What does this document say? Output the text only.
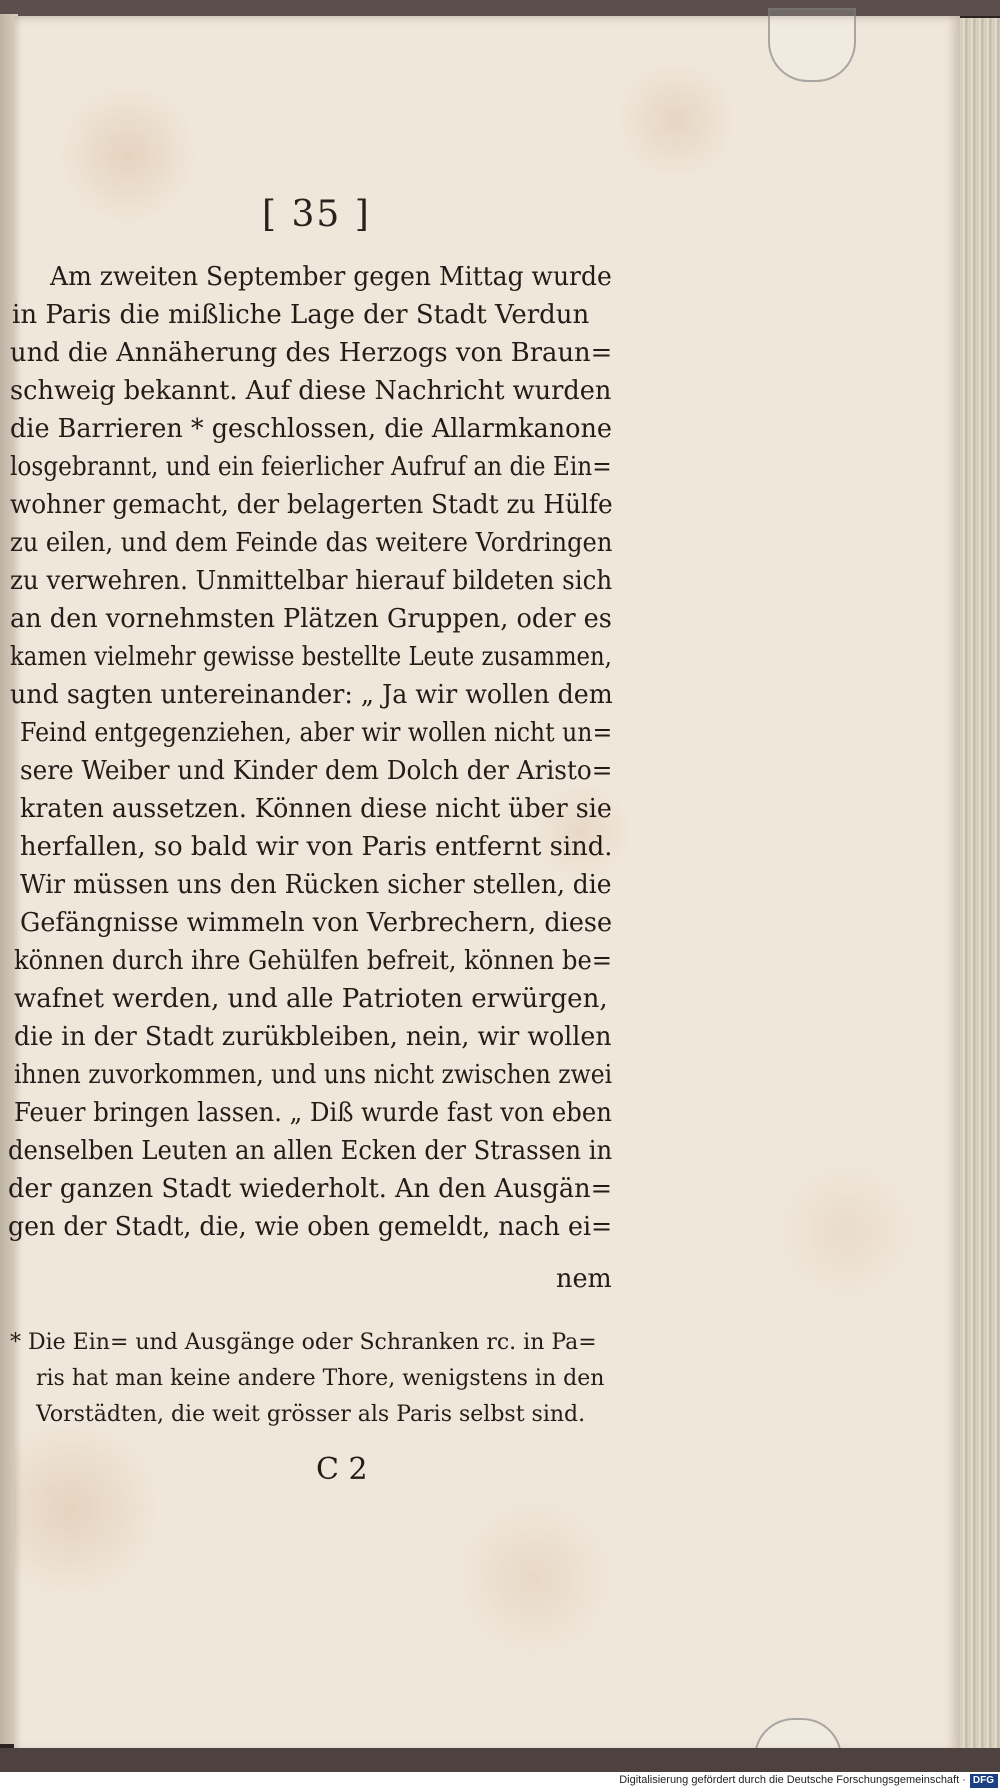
[ 35 ]
Am zweiten September gegen Mittag wurde
in Paris die mißliche Lage der Stadt Verdun
und die Annäherung des Herzogs von Braun=
schweig bekannt. Auf diese Nachricht wurden
die Barrieren * geschlossen, die Allarmkanone
losgebrannt, und ein feierlicher Aufruf an die Ein=
wohner gemacht, der belagerten Stadt zu Hülfe
zu eilen, und dem Feinde das weitere Vordringen
zu verwehren. Unmittelbar hierauf bildeten sich
an den vornehmsten Plätzen Gruppen, oder es
kamen vielmehr gewisse bestellte Leute zusammen,
und sagten untereinander: „ Ja wir wollen dem
Feind entgegenziehen, aber wir wollen nicht un=
sere Weiber und Kinder dem Dolch der Aristo=
kraten aussetzen. Können diese nicht über sie
herfallen, so bald wir von Paris entfernt sind.
Wir müssen uns den Rücken sicher stellen, die
Gefängnisse wimmeln von Verbrechern, diese
können durch ihre Gehülfen befreit, können be=
wafnet werden, und alle Patrioten erwürgen,
die in der Stadt zurükbleiben, nein, wir wollen
ihnen zuvorkommen, und uns nicht zwischen zwei
Feuer bringen lassen. „ Diß wurde fast von eben
denselben Leuten an allen Ecken der Strassen in
der ganzen Stadt wiederholt. An den Ausgän=
gen der Stadt, die, wie oben gemeldt, nach ei=
nem
* Die Ein= und Ausgänge oder Schranken rc. in Pa=
ris hat man keine andere Thore, wenigstens in den
Vorstädten, die weit grösser als Paris selbst sind.
C 2
Digitalisierung gefördert durch die Deutsche Forschungsgemeinschaft · DFG
